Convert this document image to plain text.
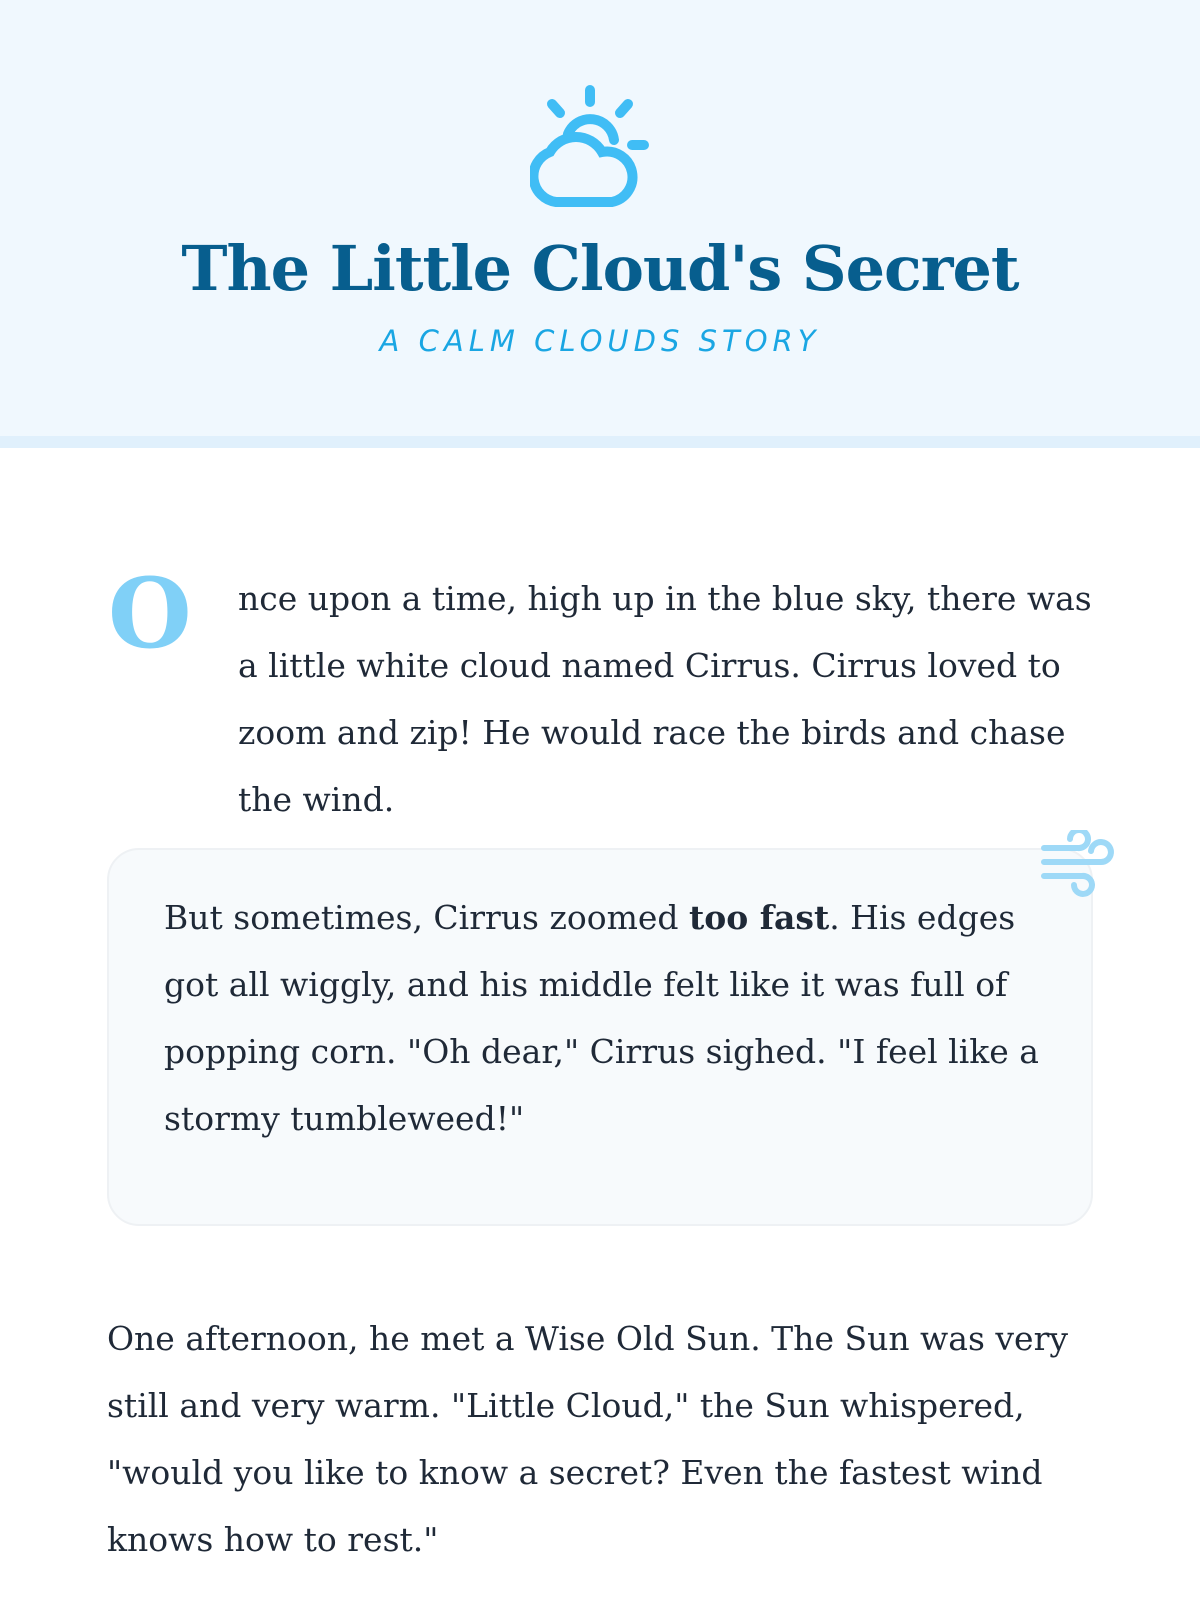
The Little Cloud's Secret
A CALM CLOUDS STORY
O nce upon a time, high up in the blue sky, there was a little white cloud named Cirrus. Cirrus loved to zoom and zip! He would race the birds and chase the wind.

But sometimes, Cirrus zoomed too fast. His edges got all wiggly, and his middle felt like it was full of popping corn. "Oh dear," Cirrus sighed. "I feel like a stormy tumbleweed!"

One afternoon, he met a Wise Old Sun. The Sun was very still and very warm. "Little Cloud," the Sun whispered, "would you like to know a secret? Even the fastest wind knows how to rest."
